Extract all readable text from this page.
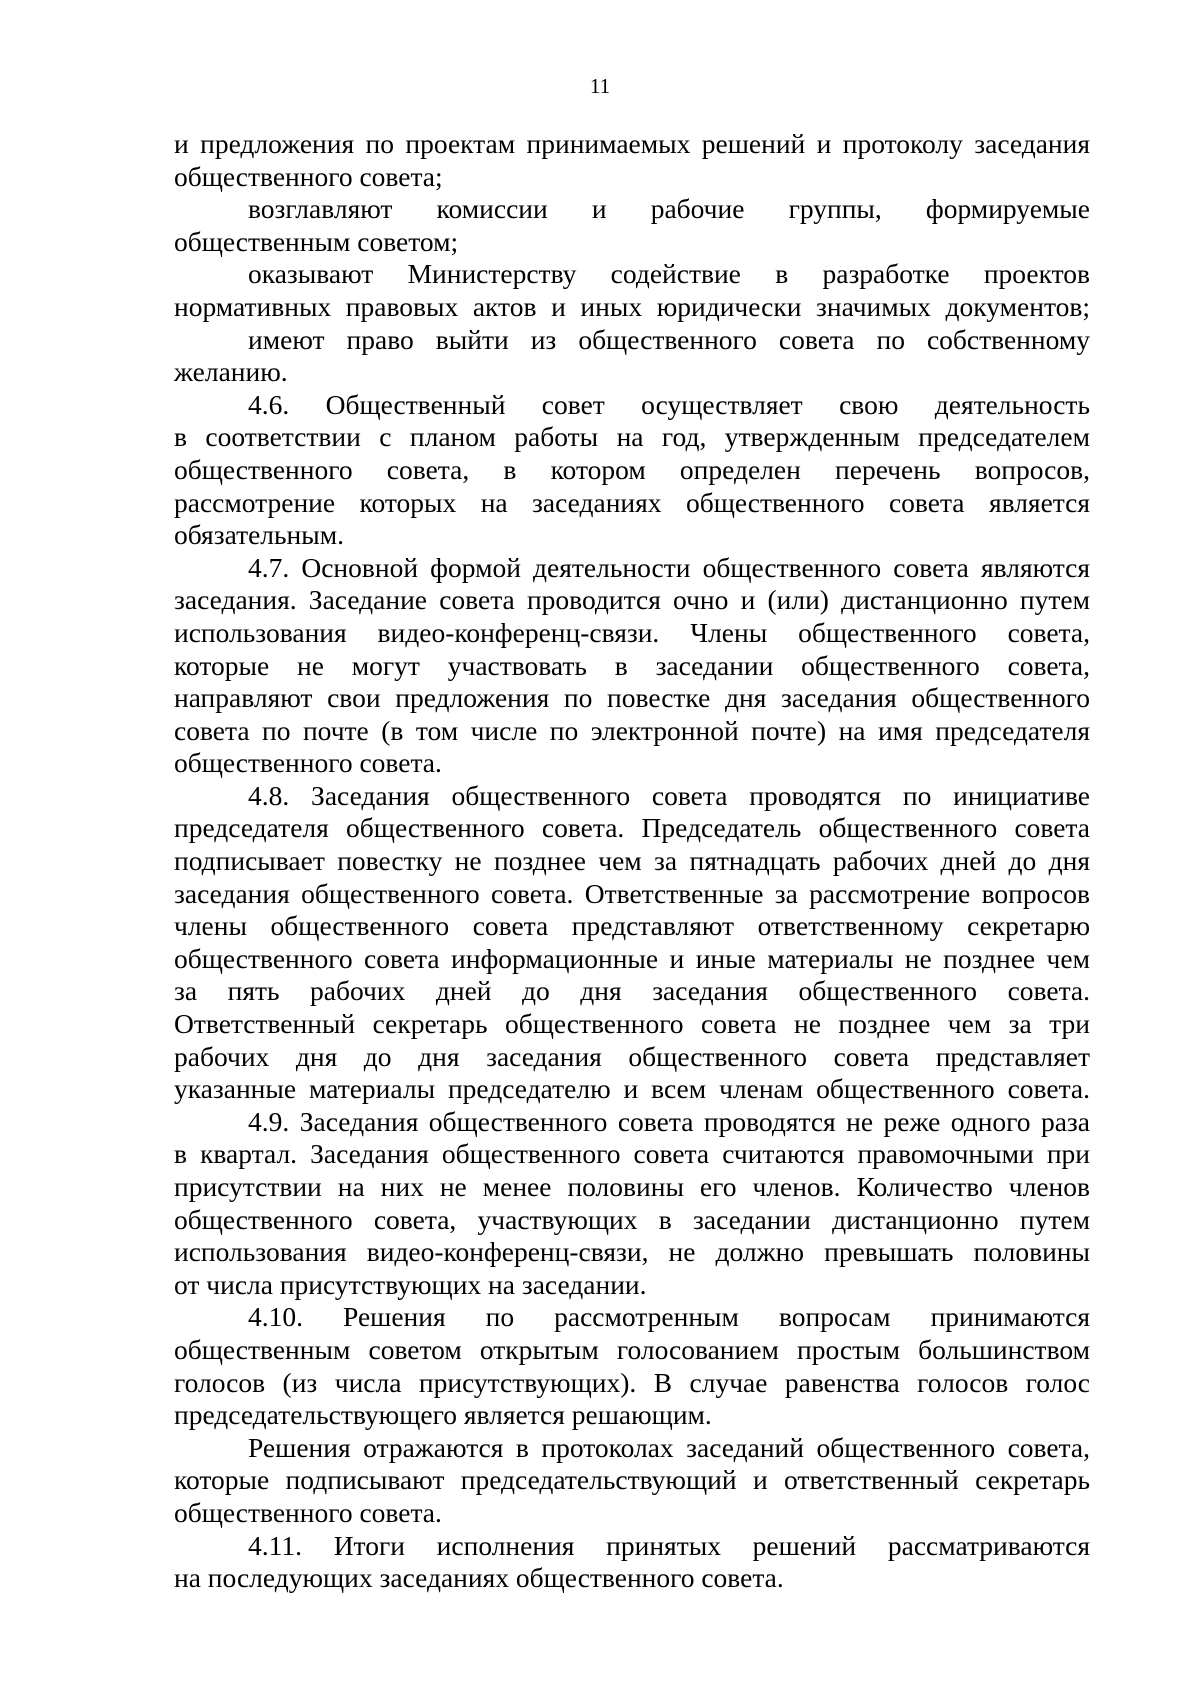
11
и предложения по проектам принимаемых решений и протоколу заседания
общественного совета;
возглавляют комиссии и рабочие группы, формируемые
общественным советом;
оказывают Министерству содействие в разработке проектов
нормативных правовых актов и иных юридически значимых документов;
имеют право выйти из общественного совета по собственному
желанию.
4.6. Общественный совет осуществляет свою деятельность
в соответствии с планом работы на год, утвержденным председателем
общественного совета, в котором определен перечень вопросов,
рассмотрение которых на заседаниях общественного совета является
обязательным.
4.7. Основной формой деятельности общественного совета являются
заседания. Заседание совета проводится очно и (или) дистанционно путем
использования видео-конференц-связи. Члены общественного совета,
которые не могут участвовать в заседании общественного совета,
направляют свои предложения по повестке дня заседания общественного
совета по почте (в том числе по электронной почте) на имя председателя
общественного совета.
4.8. Заседания общественного совета проводятся по инициативе
председателя общественного совета. Председатель общественного совета
подписывает повестку не позднее чем за пятнадцать рабочих дней до дня
заседания общественного совета. Ответственные за рассмотрение вопросов
члены общественного совета представляют ответственному секретарю
общественного совета информационные и иные материалы не позднее чем
за пять рабочих дней до дня заседания общественного совета.
Ответственный секретарь общественного совета не позднее чем за три
рабочих дня до дня заседания общественного совета представляет
указанные материалы председателю и всем членам общественного совета.
4.9. Заседания общественного совета проводятся не реже одного раза
в квартал. Заседания общественного совета считаются правомочными при
присутствии на них не менее половины его членов. Количество членов
общественного совета, участвующих в заседании дистанционно путем
использования видео-конференц-связи, не должно превышать половины
от числа присутствующих на заседании.
4.10. Решения по рассмотренным вопросам принимаются
общественным советом открытым голосованием простым большинством
голосов (из числа присутствующих). В случае равенства голосов голос
председательствующего является решающим.
Решения отражаются в протоколах заседаний общественного совета,
которые подписывают председательствующий и ответственный секретарь
общественного совета.
4.11. Итоги исполнения принятых решений рассматриваются
на последующих заседаниях общественного совета.
